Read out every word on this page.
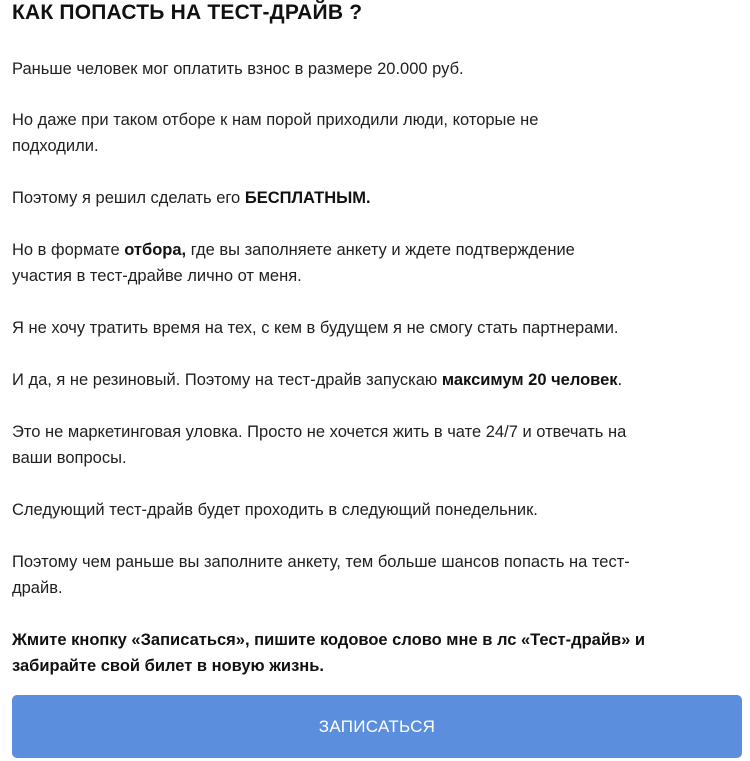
КАК ПОПАСТЬ НА ТЕСТ-ДРАЙВ ?

Раньше человек мог оплатить взнос в размере 20.000 руб.

Но даже при таком отборе к нам порой приходили люди, которые не
подходили.

Поэтому я решил сделать его БЕСПЛАТНЫМ.

Но в формате отбора, где вы заполняете анкету и ждете подтверждение
участия в тест-драйве лично от меня.

Я не хочу тратить время на тех, с кем в будущем я не смогу стать партнерами.

И да, я не резиновый. Поэтому на тест-драйв запускаю максимум 20 человек.

Это не маркетинговая уловка. Просто не хочется жить в чате 24/7 и отвечать на
ваши вопросы.

Следующий тест-драйв будет проходить в следующий понедельник.

Поэтому чем раньше вы заполните анкету, тем больше шансов попасть на тест-
драйв.

Жмите кнопку «Записаться», пишите кодовое слово мне в лс «Тест-драйв» и
забирайте свой билет в новую жизнь.

ЗАПИСАТЬСЯ
